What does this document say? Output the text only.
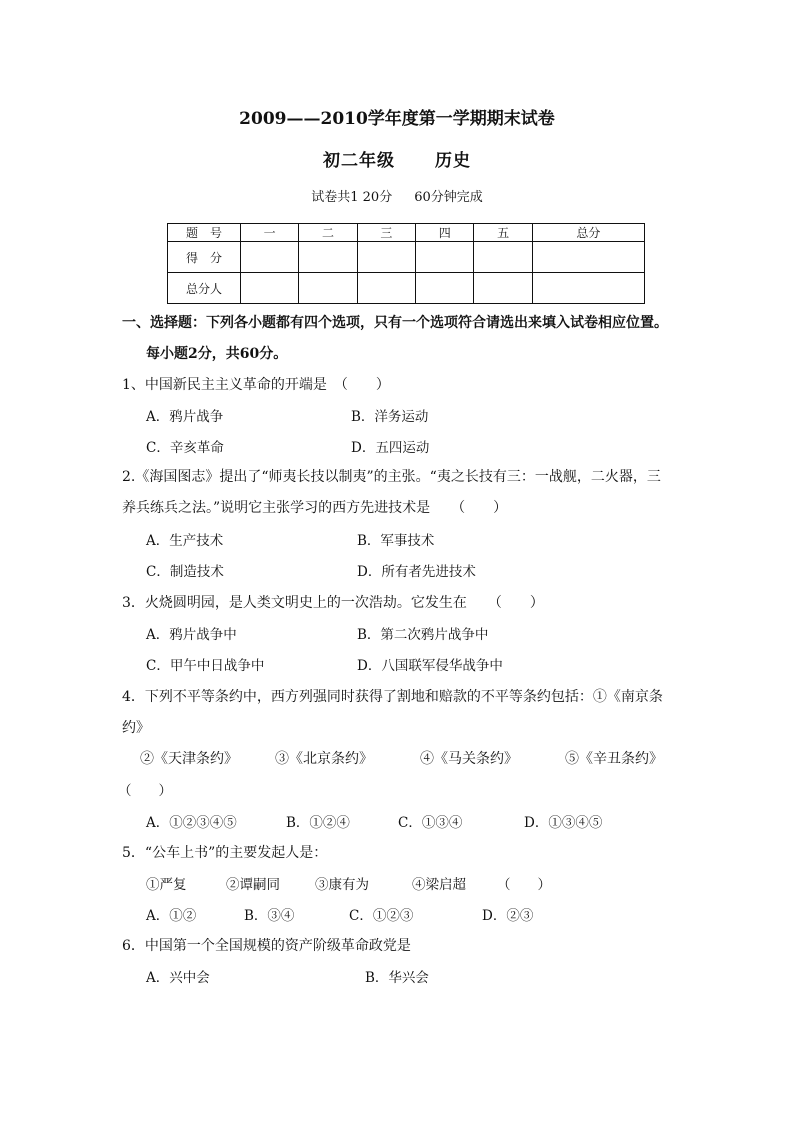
2009——2010学年度第一学期期末试卷
初二年级 历史
试卷共1 20分 60分钟完成
题　号	一	二	三	四	五	总分
得　分						
总分人						
一、选择题：下列各小题都有四个选项，只有一个选项符合请选出来填入试卷相应位置。
每小题2分，共60分。
1、中国新民主主义革命的开端是　（　　）
A．鸦片战争	B．洋务运动
C．辛亥革命	D．五四运动
2.《海国图志》提出了“师夷长技以制夷”的主张。“夷之长技有三：一战舰，二火器，三
养兵练兵之法。”说明它主张学习的西方先进技术是　　（　　）
A．生产技术	B．军事技术
C．制造技术	D．所有者先进技术
3．火烧圆明园，是人类文明史上的一次浩劫。它发生在　　（　　）
A．鸦片战争中	B．第二次鸦片战争中
C．甲午中日战争中	D．八国联军侵华战争中
4．下列不平等条约中，西方列强同时获得了割地和赔款的不平等条约包括：①《南京条
约》
②《天津条约》	③《北京条约》	④《马关条约》	⑤《辛丑条约》
（　　）
A．①②③④⑤	B．①②④	C．①③④	D．①③④⑤
5．“公车上书”的主要发起人是：
①严复	②谭嗣同	③康有为	④梁启超 （　　）
A．①②	B．③④	C．①②③	D．②③
6．中国第一个全国规模的资产阶级革命政党是
A．兴中会	B．华兴会
